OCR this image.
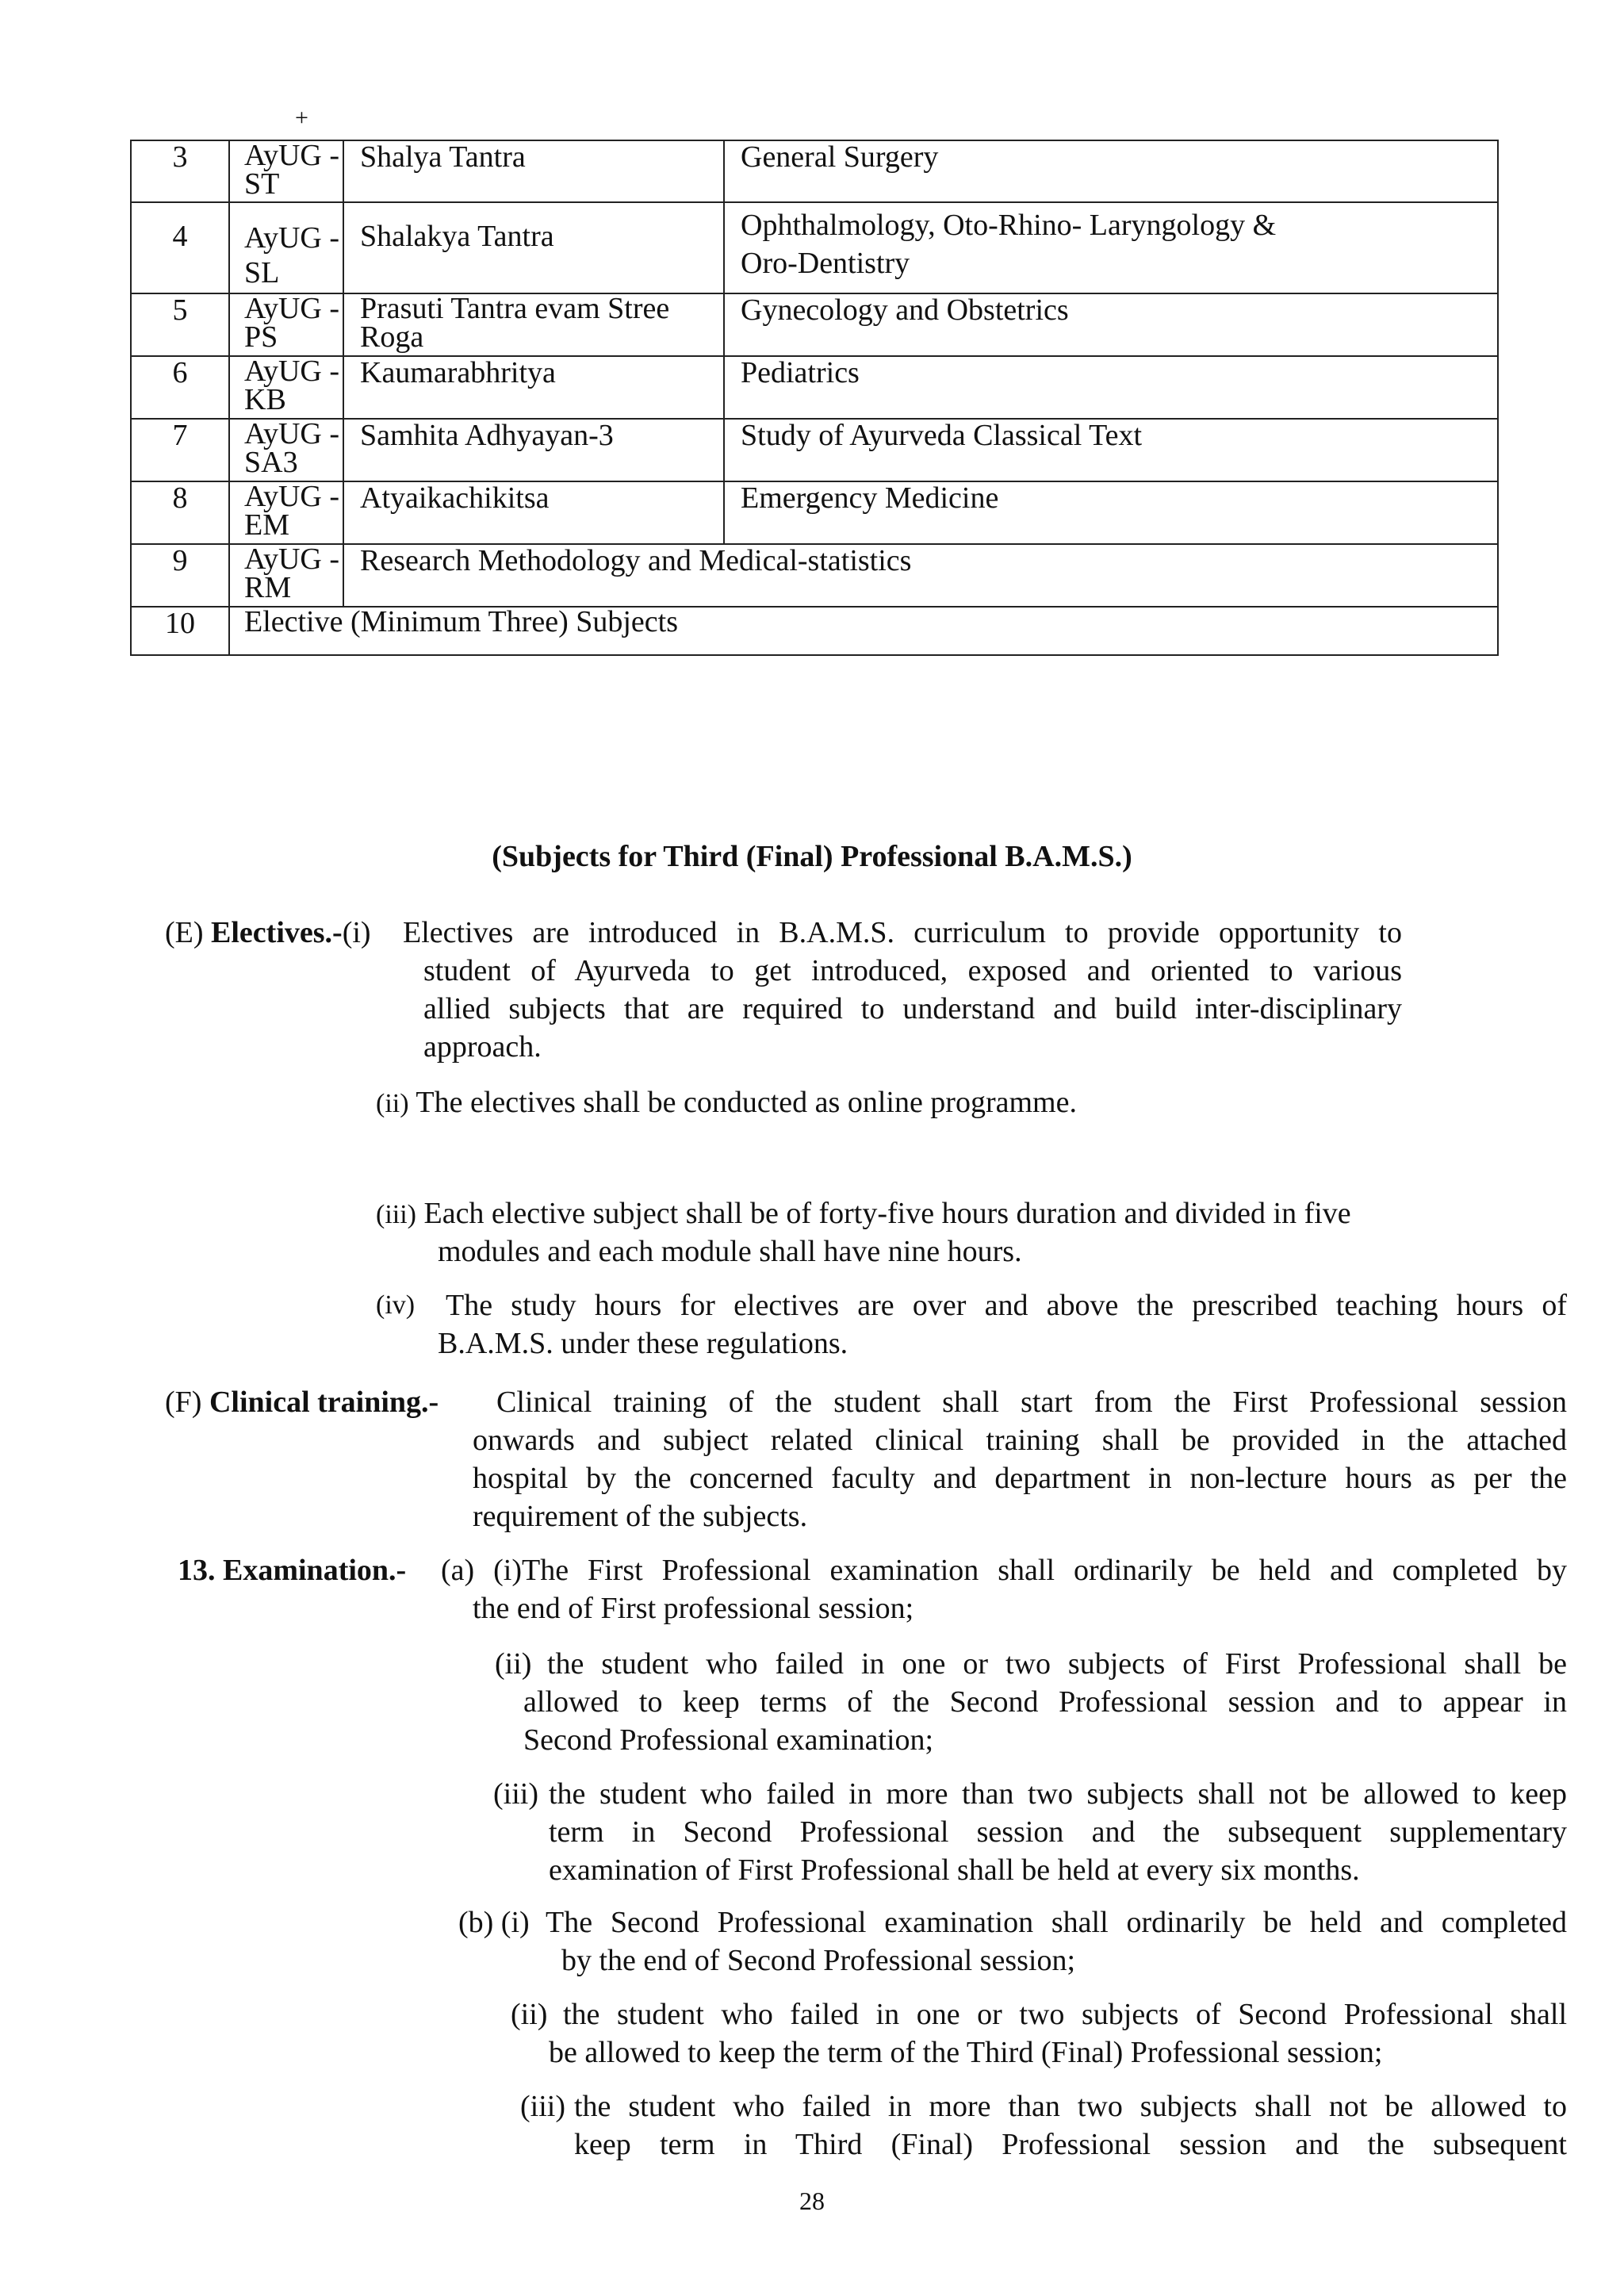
+
3	AyUG -ST	Shalya Tantra	General Surgery

4	AyUG -SL	Shalakya Tantra	Ophthalmology, Oto-Rhino- Laryngology &
Oro-Dentistry

5	AyUG -PS	Prasuti Tantra evam Stree Roga	Gynecology and Obstetrics
6	AyUG -KB	Kaumarabhritya	Pediatrics
7	AyUG -SA3	Samhita Adhyayan-3	Study of Ayurveda Classical Text
8	AyUG -EM	Atyaikachikitsa	Emergency Medicine
9	AyUG -RM	Research Methodology and Medical-statistics	
10	Elective (Minimum Three) Subjects		
(Subjects for Third (Final) Professional B.A.M.S.)
(E) Electives.-(i)	Electives are introduced in B.A.M.S. curriculum to provide opportunity to
student of Ayurveda to get introduced, exposed and oriented to various
allied subjects that are required to understand and build inter-disciplinary
approach.
(ii) The electives shall be conducted as online programme.
(iii) Each elective subject shall be of forty-five hours duration and divided in five
modules and each module shall have nine hours.
(iv)	The study hours for electives are over and above the prescribed teaching hours of
B.A.M.S. under these regulations.
(F) Clinical training.-	Clinical training of the student shall start from the First Professional session
onwards and subject related clinical training shall be provided in the attached
hospital by the concerned faculty and department in non-lecture hours as per the
requirement of the subjects.
13. Examination.-	(a) (i)The First Professional examination shall ordinarily be held and completed by
the end of First professional session;
(ii) the student who failed in one or two subjects of First Professional shall be
allowed to keep terms of the Second Professional session and to appear in
Second Professional examination;
(iii) the student who failed in more than two subjects shall not be allowed to keep
term in Second Professional session and the subsequent supplementary
examination of First Professional shall be held at every six months.
(b) (i) The Second Professional examination shall ordinarily be held and completed
by the end of Second Professional session;
(ii) the student who failed in one or two subjects of Second Professional shall
be allowed to keep the term of the Third (Final) Professional session;
(iii) the student who failed in more than two subjects shall not be allowed to
keep term in Third (Final) Professional session and the subsequent
28
